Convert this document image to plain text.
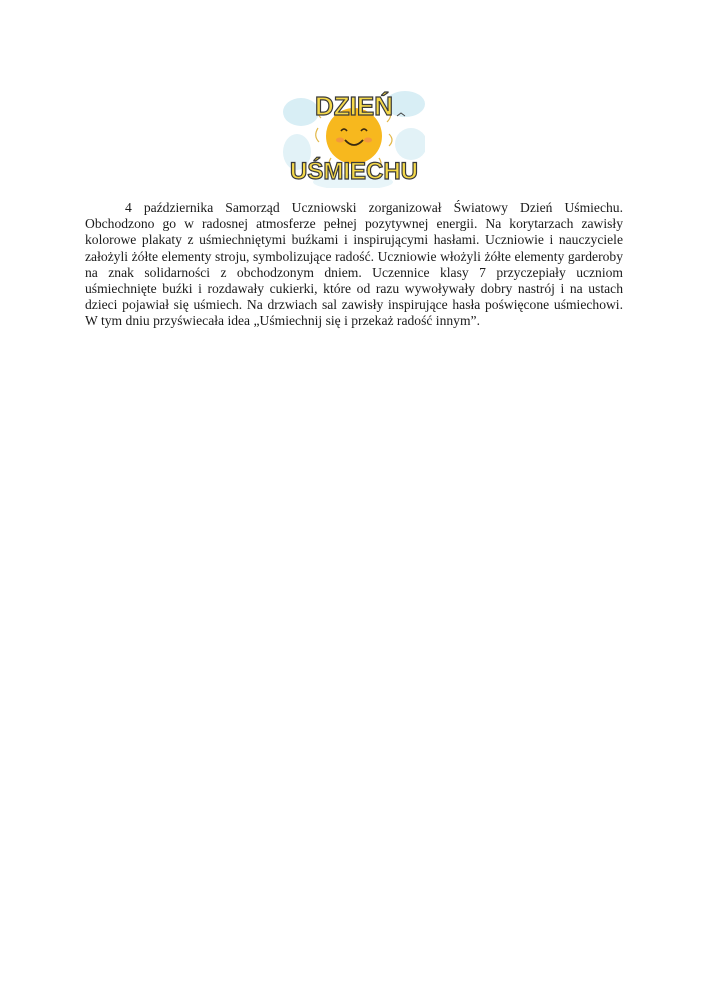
DZIEŃ
UŚMIECHU

4 października Samorząd Uczniowski zorganizował Światowy Dzień Uśmiechu. Obchodzono go w radosnej atmosferze pełnej pozytywnej energii. Na korytarzach zawisły kolorowe plakaty z uśmiechniętymi buźkami i inspirującymi hasłami. Uczniowie i nauczyciele założyli żółte elementy stroju, symbolizujące radość. Uczniowie włożyli żółte elementy garderoby na znak solidarności z obchodzonym dniem. Uczennice klasy 7 przyczepiały uczniom uśmiechnięte buźki i rozdawały cukierki, które od razu wywoływały dobry nastrój i na ustach dzieci pojawiał się uśmiech. Na drzwiach sal zawisły inspirujące hasła poświęcone uśmiechowi. W tym dniu przyświecała idea „Uśmiechnij się i przekaż radość innym”.
